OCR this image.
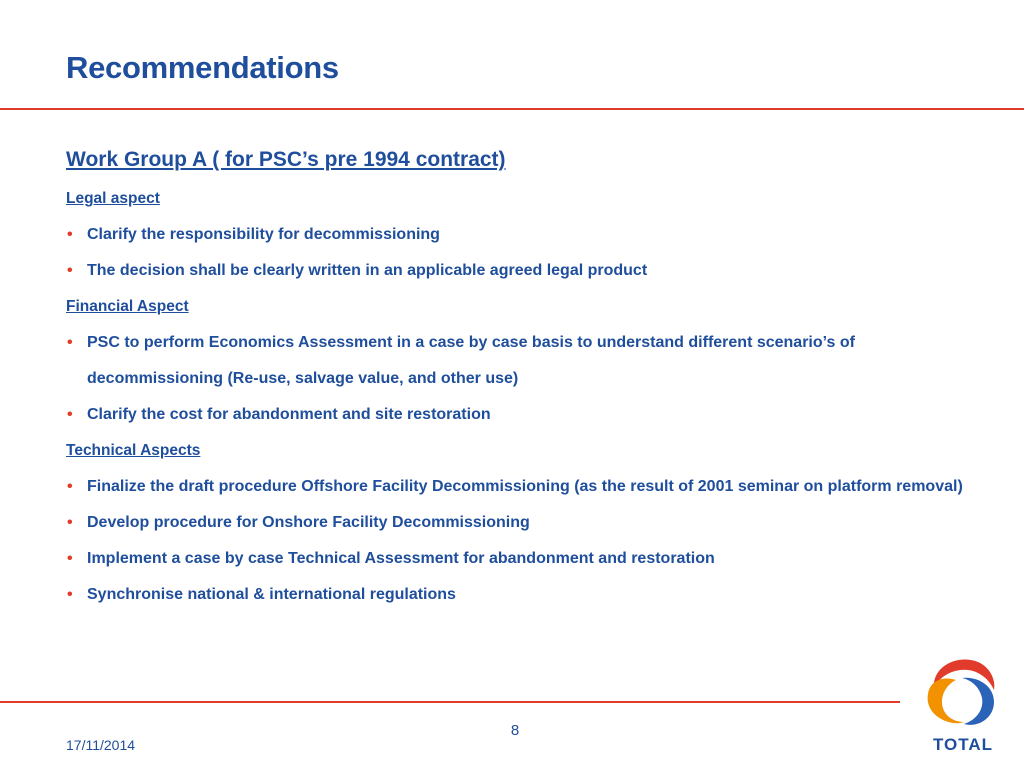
Recommendations
Work Group A ( for PSC’s pre 1994 contract)
Legal aspect
• Clarify the responsibility for decommissioning
• The decision shall be clearly written in an applicable agreed legal product
Financial Aspect
• PSC to perform Economics Assessment in a case by case basis to understand different scenario’s of decommissioning (Re-use, salvage value, and other use)
• Clarify the cost for abandonment and site restoration
Technical Aspects
• Finalize the draft procedure Offshore Facility Decommissioning (as the result of 2001 seminar on platform removal)
• Develop procedure for Onshore Facility Decommissioning
• Implement a case by case Technical Assessment for abandonment and restoration
• Synchronise national & international regulations
8
17/11/2014	TOTAL
